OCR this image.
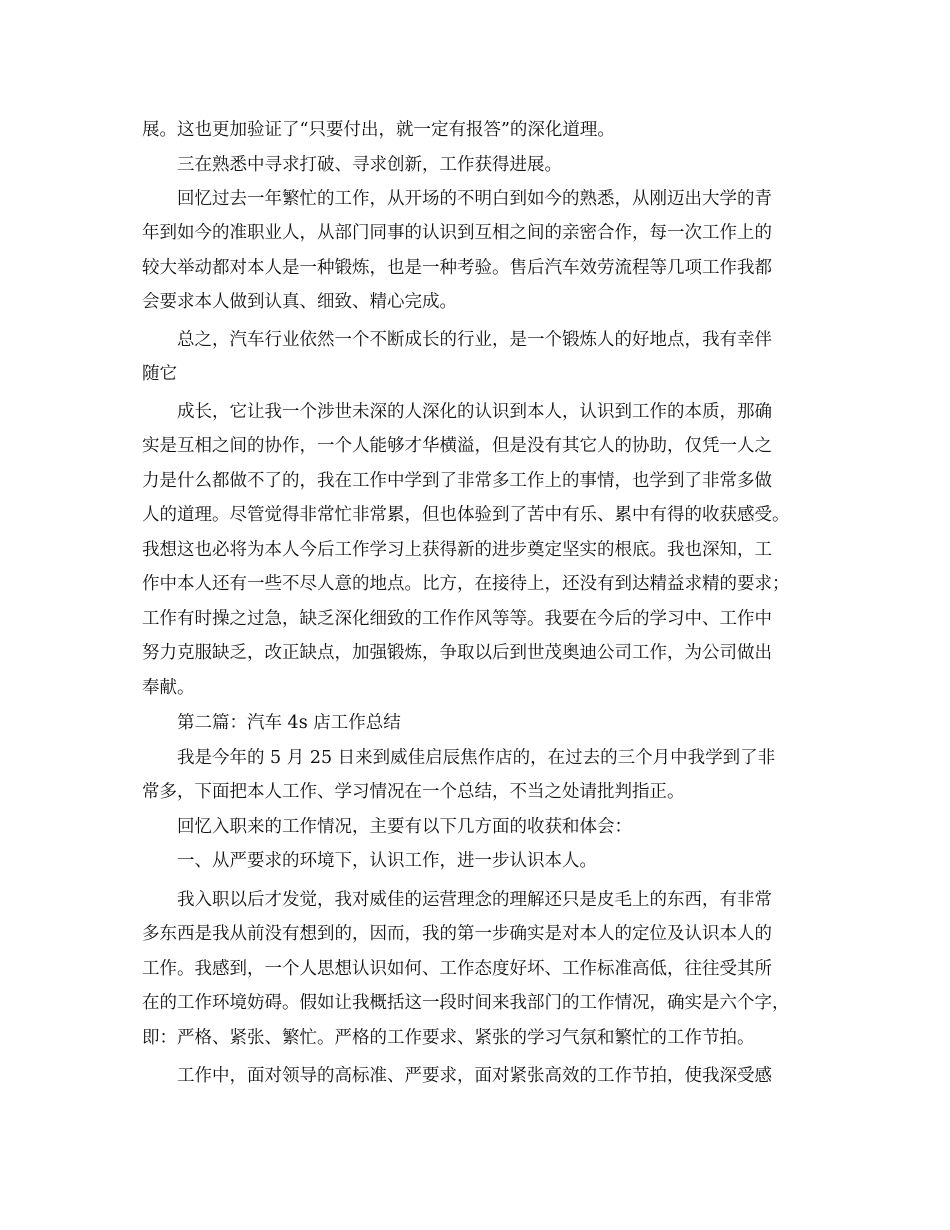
展。这也更加验证了“只要付出，就一定有报答”的深化道理。
三在熟悉中寻求打破、寻求创新，工作获得进展。
回忆过去一年繁忙的工作，从开场的不明白到如今的熟悉，从刚迈出大学的青
年到如今的准职业人，从部门同事的认识到互相之间的亲密合作，每一次工作上的
较大举动都对本人是一种锻炼，也是一种考验。售后汽车效劳流程等几项工作我都
会要求本人做到认真、细致、精心完成。
总之，汽车行业依然一个不断成长的行业，是一个锻炼人的好地点，我有幸伴
随它
成长，它让我一个涉世未深的人深化的认识到本人，认识到工作的本质，那确
实是互相之间的协作，一个人能够才华横溢，但是没有其它人的协助，仅凭一人之
力是什么都做不了的，我在工作中学到了非常多工作上的事情，也学到了非常多做
人的道理。尽管觉得非常忙非常累，但也体验到了苦中有乐、累中有得的收获感受。
我想这也必将为本人今后工作学习上获得新的进步奠定坚实的根底。我也深知，工
作中本人还有一些不尽人意的地点。比方，在接待上，还没有到达精益求精的要求；
工作有时操之过急，缺乏深化细致的工作作风等等。我要在今后的学习中、工作中
努力克服缺乏，改正缺点，加强锻炼，争取以后到世茂奥迪公司工作，为公司做出
奉献。
第二篇：汽车 4s 店工作总结
我是今年的 5 月 25 日来到威佳启辰焦作店的，在过去的三个月中我学到了非
常多，下面把本人工作、学习情况在一个总结，不当之处请批判指正。
回忆入职来的工作情况，主要有以下几方面的收获和体会：
一、从严要求的环境下，认识工作，进一步认识本人。
我入职以后才发觉，我对威佳的运营理念的理解还只是皮毛上的东西，有非常
多东西是我从前没有想到的，因而，我的第一步确实是对本人的定位及认识本人的
工作。我感到，一个人思想认识如何、工作态度好坏、工作标准高低，往往受其所
在的工作环境妨碍。假如让我概括这一段时间来我部门的工作情况，确实是六个字，
即：严格、紧张、繁忙。严格的工作要求、紧张的学习气氛和繁忙的工作节拍。
工作中，面对领导的高标准、严要求，面对紧张高效的工作节拍，使我深受感
